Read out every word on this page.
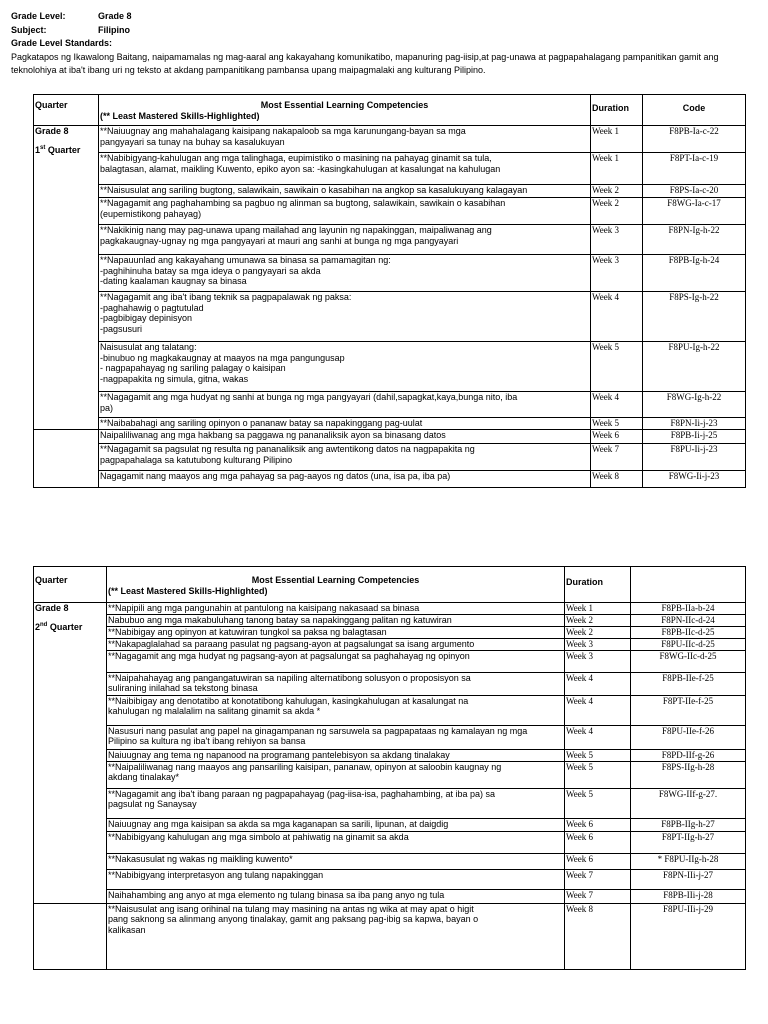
Grade Level:	Grade 8
Subject:	Filipino
Grade Level Standards:
Pagkatapos ng Ikawalong Baitang, naipamamalas ng mag-aaral ang kakayahang komunikatibo, mapanuring pag-iisip,at pag-unawa at pagpapahalagang pampanitikan gamit ang teknolohiya at iba't ibang uri ng teksto at akdang pampanitikang pambansa upang maipagmalaki ang kulturang Pilipino.
Quarter	Most Essential Learning Competencies
(** Least Mastered Skills-Highlighted)	Duration	Code

Grade 8
1st Quarter	**Naiuugnay ang mahahalagang kaisipang nakapaloob sa mga karunungang-bayan sa mga
pangyayari sa tunay na buhay sa kasalukuyan	Week 1	F8PB-Ia-c-22

	**Nabibigyang-kahulugan ang mga talinghaga, eupimistiko o masining na pahayag ginamit sa tula,
balagtasan, alamat, maikling Kuwento, epiko ayon sa: -kasingkahulugan at kasalungat na kahulugan	Week 1	F8PT-Ia-c-19

	**Naisusulat ang sariling bugtong, salawikain, sawikain o kasabihan na angkop sa kasalukuyang kalagayan	Week 2	F8PS-Ia-c-20

	**Nagagamit ang paghahambing sa pagbuo ng alinman sa bugtong, salawikain, sawikain o kasabihan
(eupemistikong pahayag)	Week 2	F8WG-Ia-c-17

	**Nakikinig nang may pag-unawa upang mailahad ang layunin ng napakinggan, maipaliwanag ang
pagkakaugnay-ugnay ng mga pangyayari at mauri ang sanhi at bunga ng mga pangyayari	Week 3	F8PN-Ig-h-22

	**Napauunlad ang kakayahang umunawa sa binasa sa pamamagitan ng:
-paghihinuha batay sa mga ideya o pangyayari sa akda
-dating kaalaman kaugnay sa binasa	Week 3	F8PB-Ig-h-24

	**Nagagamit ang iba't ibang teknik sa pagpapalawak ng paksa:
-paghahawig o pagtutulad
-pagbibigay depinisyon
-pagsusuri	Week 4	F8PS-Ig-h-22

	Naisusulat ang talatang:
-binubuo ng magkakaugnay at maayos na mga pangungusap
- nagpapahayag ng sariling palagay o kaisipan
-nagpapakita ng simula, gitna, wakas	Week 5	F8PU-Ig-h-22

	**Nagagamit ang mga hudyat ng sanhi at bunga ng mga pangyayari (dahil,sapagkat,kaya,bunga nito, iba
pa)	Week 4	F8WG-Ig-h-22

	**Naibabahagi ang sariling opinyon o pananaw batay sa napakinggang pag-uulat	Week 5	F8PN-Ii-j-23

	Naipaliliwanag ang mga hakbang sa paggawa ng pananaliksik ayon sa binasang datos	Week 6	F8PB-Ii-j-25

	**Nagagamit sa pagsulat ng resulta ng pananaliksik ang awtentikong datos na nagpapakita ng
pagpapahalaga sa katutubong kulturang Pilipino	Week 7	F8PU-Ii-j-23

	Nagagamit nang maayos ang mga pahayag sa pag-aayos ng datos (una, isa pa, iba pa)	Week 8	F8WG-Ii-j-23
Quarter	Most Essential Learning Competencies
(** Least Mastered Skills-Highlighted)	Duration	

Grade 8
2nd Quarter	**Napipili ang mga pangunahin at pantulong na kaisipang nakasaad sa binasa	Week 1	F8PB-IIa-b-24

	Nabubuo ang mga makabuluhang tanong batay sa napakinggang palitan ng katuwiran	Week 2	F8PN-IIc-d-24

	**Nabibigay ang opinyon at katuwiran tungkol sa paksa ng balagtasan	Week 2	F8PB-IIc-d-25

	**Nakapaglalahad sa paraang pasulat ng pagsang-ayon at pagsalungat sa isang argumento	Week 3	F8PU-IIc-d-25

	**Nagagamit ang mga hudyat ng pagsang-ayon at pagsalungat sa paghahayag ng opinyon	Week 3	F8WG-IIc-d-25

	**Naipahahayag ang pangangatuwiran sa napiling alternatibong solusyon o proposisyon sa
suliraning inilahad sa tekstong binasa	Week 4	F8PB-IIe-f-25

	**Naibibigay ang denotatibo at konotatibong kahulugan, kasingkahulugan at kasalungat na
kahulugan ng malalalim na salitang ginamit sa akda *	Week 4	F8PT-IIe-f-25

	Nasusuri nang pasulat ang papel na ginagampanan ng sarsuwela sa pagpapataas ng kamalayan ng mga
Pilipino sa kultura ng iba't ibang rehiyon sa bansa	Week 4	F8PU-IIe-f-26

	Naiuugnay ang tema ng napanood na programang pantelebisyon sa akdang tinalakay	Week 5	F8PD-IIf-g-26

	**Naipaliliwanag nang maayos ang pansariling kaisipan, pananaw, opinyon at saloobin kaugnay ng
akdang tinalakay*	Week 5	F8PS-IIg-h-28

	**Nagagamit ang iba't ibang paraan ng pagpapahayag (pag-iisa-isa, paghahambing, at iba pa) sa
pagsulat ng Sanaysay	Week 5	F8WG-IIf-g-27.

	Naiuugnay ang mga kaisipan sa akda sa mga kaganapan sa sarili, lipunan, at daigdig	Week 6	F8PB-IIg-h-27

	**Nabibigyang kahulugan ang mga simbolo at pahiwatig na ginamit sa akda	Week 6	F8PT-IIg-h-27

	**Nakasusulat ng wakas ng maikling kuwento*	Week 6	* F8PU-IIg-h-28

	**Nabibigyang interpretasyon ang tulang napakinggan	Week 7	F8PN-IIi-j-27

	Naihahambing ang anyo at mga elemento ng tulang binasa sa iba pang anyo ng tula	Week 7	F8PB-IIi-j-28

	**Naisusulat ang isang orihinal na tulang may masining na antas ng wika at may apat o higit
pang saknong sa alinmang anyong tinalakay, gamit ang paksang pag-ibig sa kapwa, bayan o
kalikasan	Week 8	F8PU-IIi-j-29
